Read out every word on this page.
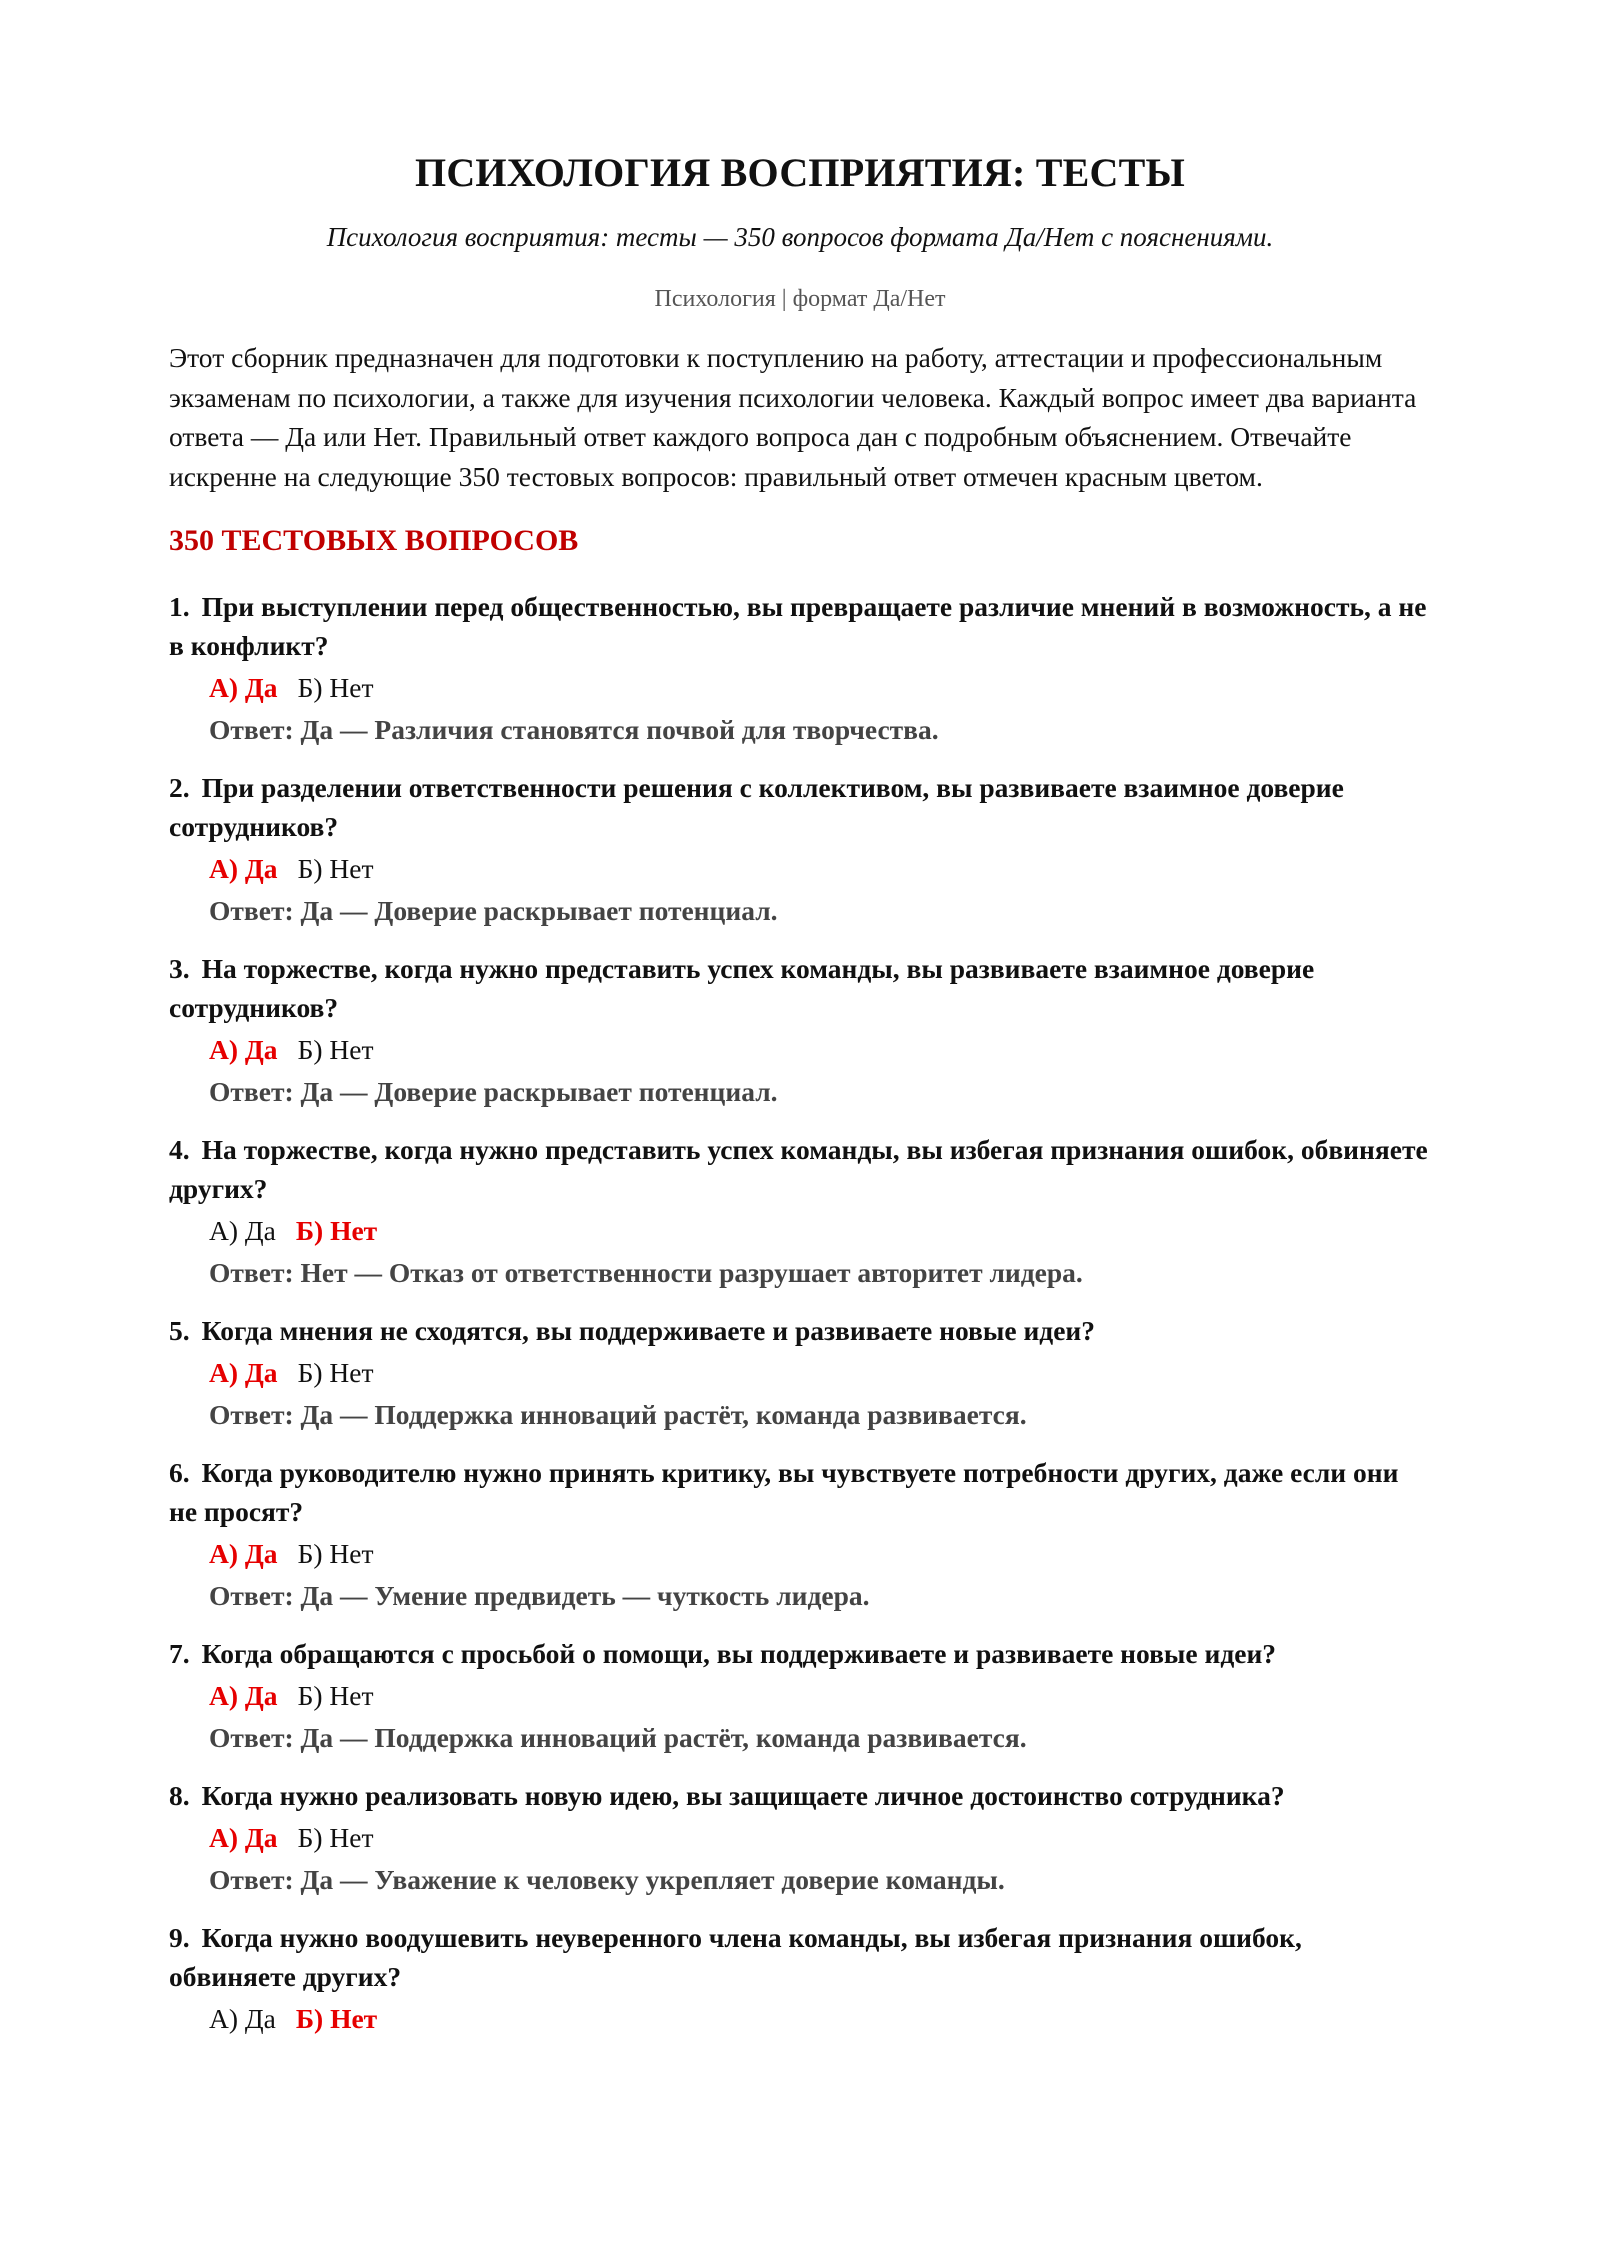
ПСИХОЛОГИЯ ВОСПРИЯТИЯ: ТЕСТЫ

Психология восприятия: тесты — 350 вопросов формата Да/Нет с пояснениями.

Психология | формат Да/Нет

Этот сборник предназначен для подготовки к поступлению на работу, аттестации и профессиональным экзаменам по психологии, а также для изучения психологии человека. Каждый вопрос имеет два варианта ответа — Да или Нет. Правильный ответ каждого вопроса дан с подробным объяснением. Отвечайте искренне на следующие 350 тестовых вопросов: правильный ответ отмечен красным цветом.

350 ТЕСТОВЫХ ВОПРОСОВ

1. При выступлении перед общественностью, вы превращаете различие мнений в возможность, а не в конфликт?

А) Да Б) Нет

Ответ: Да — Различия становятся почвой для творчества.

2. При разделении ответственности решения с коллективом, вы развиваете взаимное доверие сотрудников?

А) Да Б) Нет

Ответ: Да — Доверие раскрывает потенциал.

3. На торжестве, когда нужно представить успех команды, вы развиваете взаимное доверие сотрудников?

А) Да Б) Нет

Ответ: Да — Доверие раскрывает потенциал.

4. На торжестве, когда нужно представить успех команды, вы избегая признания ошибок, обвиняете других?

А) Да Б) Нет

Ответ: Нет — Отказ от ответственности разрушает авторитет лидера.

5. Когда мнения не сходятся, вы поддерживаете и развиваете новые идеи?

А) Да Б) Нет

Ответ: Да — Поддержка инноваций растёт, команда развивается.

6. Когда руководителю нужно принять критику, вы чувствуете потребности других, даже если они не просят?

А) Да Б) Нет

Ответ: Да — Умение предвидеть — чуткость лидера.

7. Когда обращаются с просьбой о помощи, вы поддерживаете и развиваете новые идеи?

А) Да Б) Нет

Ответ: Да — Поддержка инноваций растёт, команда развивается.

8. Когда нужно реализовать новую идею, вы защищаете личное достоинство сотрудника?

А) Да Б) Нет

Ответ: Да — Уважение к человеку укрепляет доверие команды.

9. Когда нужно воодушевить неуверенного члена команды, вы избегая признания ошибок, обвиняете других?

А) Да Б) Нет
